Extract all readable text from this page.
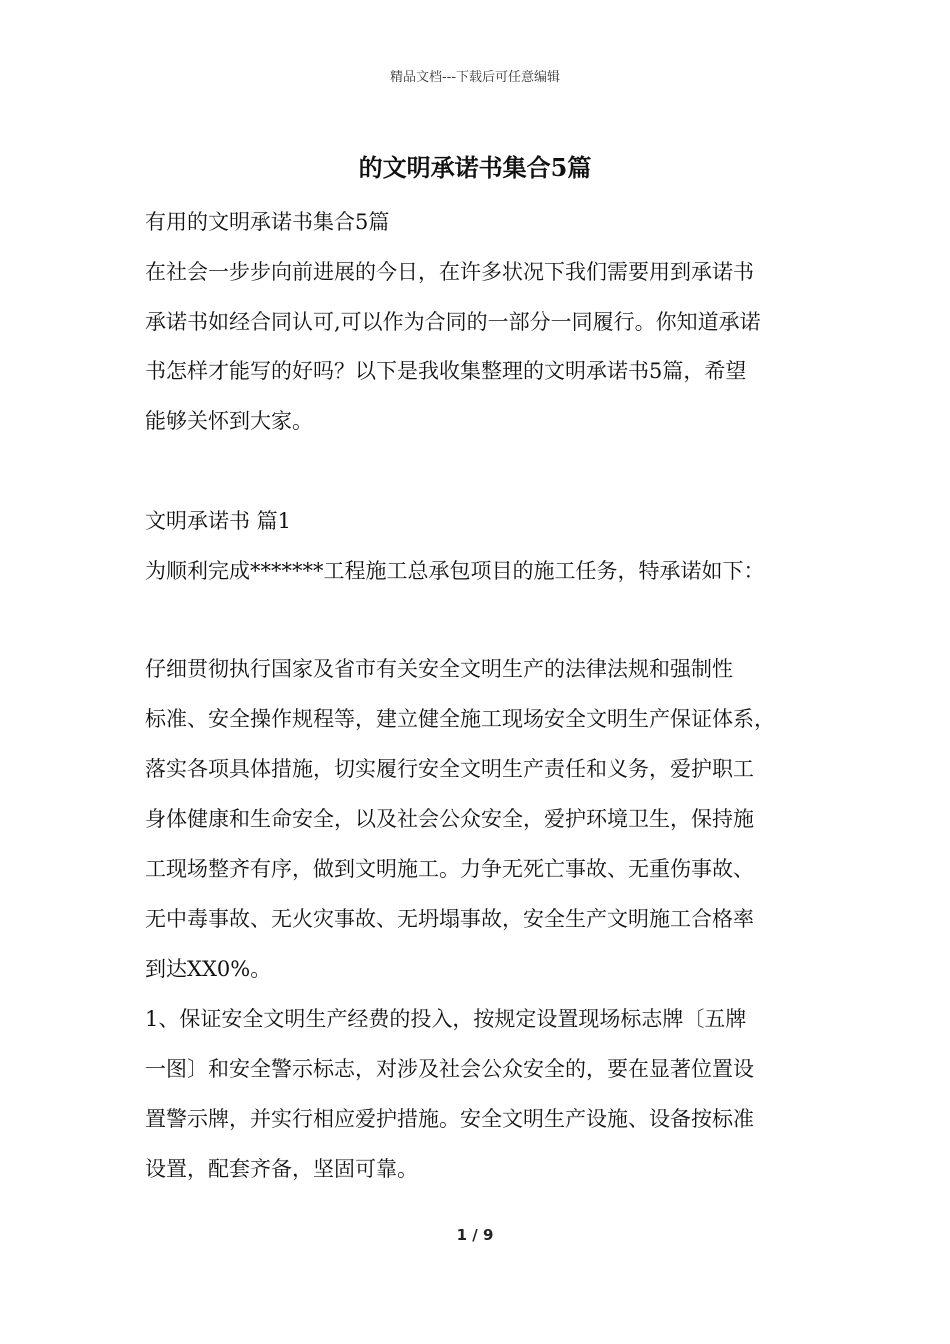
精品文档---下载后可任意编辑
的文明承诺书集合5篇
有用的文明承诺书集合5篇
在社会一步步向前进展的今日，在许多状况下我们需要用到承诺书
承诺书如经合同认可,可以作为合同的一部分一同履行。你知道承诺
书怎样才能写的好吗？以下是我收集整理的文明承诺书5篇，希望
能够关怀到大家。
文明承诺书 篇1
为顺利完成*******工程施工总承包项目的施工任务，特承诺如下：
仔细贯彻执行国家及省市有关安全文明生产的法律法规和强制性
标准、安全操作规程等，建立健全施工现场安全文明生产保证体系，
落实各项具体措施，切实履行安全文明生产责任和义务，爱护职工
身体健康和生命安全，以及社会公众安全，爱护环境卫生，保持施
工现场整齐有序，做到文明施工。力争无死亡事故、无重伤事故、
无中毒事故、无火灾事故、无坍塌事故，安全生产文明施工合格率
到达XX0%。
1、保证安全文明生产经费的投入，按规定设置现场标志牌〔五牌
一图〕和安全警示标志，对涉及社会公众安全的，要在显著位置设
置警示牌，并实行相应爱护措施。安全文明生产设施、设备按标准
设置，配套齐备，坚固可靠。
1 / 9
